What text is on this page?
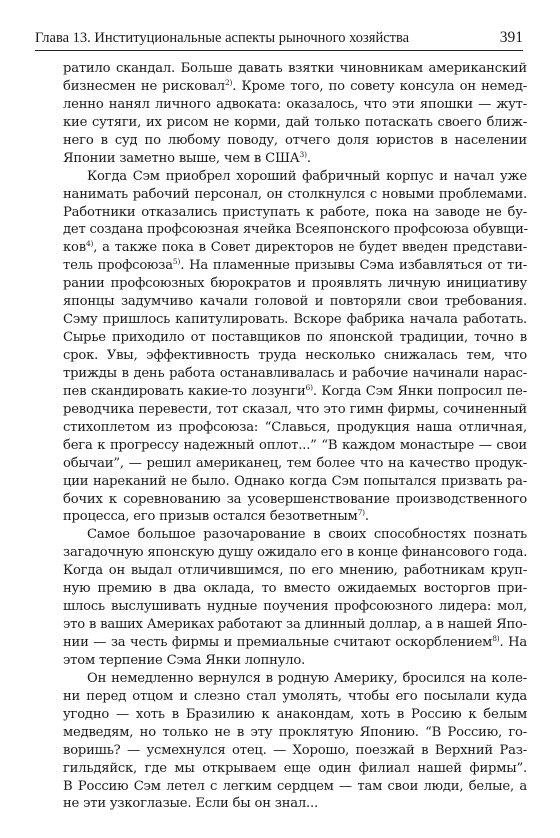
Глава 13. Институциональные аспекты рыночного хозяйства	391
ратило скандал. Больше давать взятки чиновникам американский
бизнесмен не рисковал$^{2)}$. Кроме того, по совету консула он немед-
ленно нанял личного адвоката: оказалось, что эти япошки — жут-
кие сутяги, их рисом не корми, дай только потаскать своего ближ-
него в суд по любому поводу, отчего доля юристов в населении
Японии заметно выше, чем в США$^{3)}$.
Когда Сэм приобрел хороший фабричный корпус и начал уже
нанимать рабочий персонал, он столкнулся с новыми проблемами.
Работники отказались приступать к работе, пока на заводе не бу-
дет создана профсоюзная ячейка Всеяпонского профсоюза обувщи-
ков$^{4)}$, а также пока в Совет директоров не будет введен представи-
тель профсоюза$^{5)}$. На пламенные призывы Сэма избавляться от ти-
рании профсоюзных бюрократов и проявлять личную инициативу
японцы задумчиво качали головой и повторяли свои требования.
Сэму пришлось капитулировать. Вскоре фабрика начала работать.
Сырье приходило от поставщиков по японской традиции, точно в
срок. Увы, эффективность труда несколько снижалась тем, что
трижды в день работа останавливалась и рабочие начинали нарас-
пев скандировать какие-то лозунги$^{6)}$. Когда Сэм Янки попросил пе-
реводчика перевести, тот сказал, что это гимн фирмы, сочиненный
стихоплетом из профсоюза: “Славься, продукция наша отличная,
бега к прогрессу надежный оплот...” “В каждом монастыре — свои
обычаи”, — решил американец, тем более что на качество продук-
ции нареканий не было. Однако когда Сэм попытался призвать ра-
бочих к соревнованию за усовершенствование производственного
процесса, его призыв остался безответным$^{7)}$.
Самое большое разочарование в своих способностях познать
загадочную японскую душу ожидало его в конце финансового года.
Когда он выдал отличившимся, по его мнению, работникам круп-
ную премию в два оклада, то вместо ожидаемых восторгов при-
шлось выслушивать нудные поучения профсоюзного лидера: мол,
это в ваших Амeриках работают за длинный доллар, а в нашей Япо-
нии — за честь фирмы и премиальные считают оскорблением$^{8)}$. На
этом терпение Сэма Янки лопнуло.
Он немедленно вернулся в родную Америку, бросился на коле-
ни перед отцом и слезно стал умолять, чтобы его посылали куда
угодно — хоть в Бразилию к анакондам, хоть в Россию к белым
медведям, но только не в эту проклятую Японию. “В Россию, го-
воришь? — усмехнулся отец. — Хорошо, поезжай в Верхний Раз-
гильдяйск, где мы открываем еще один филиал нашей фирмы”.
В Россию Сэм летел с легким сердцем — там свои люди, белые, а
не эти узкоглазые. Если бы он знал...
